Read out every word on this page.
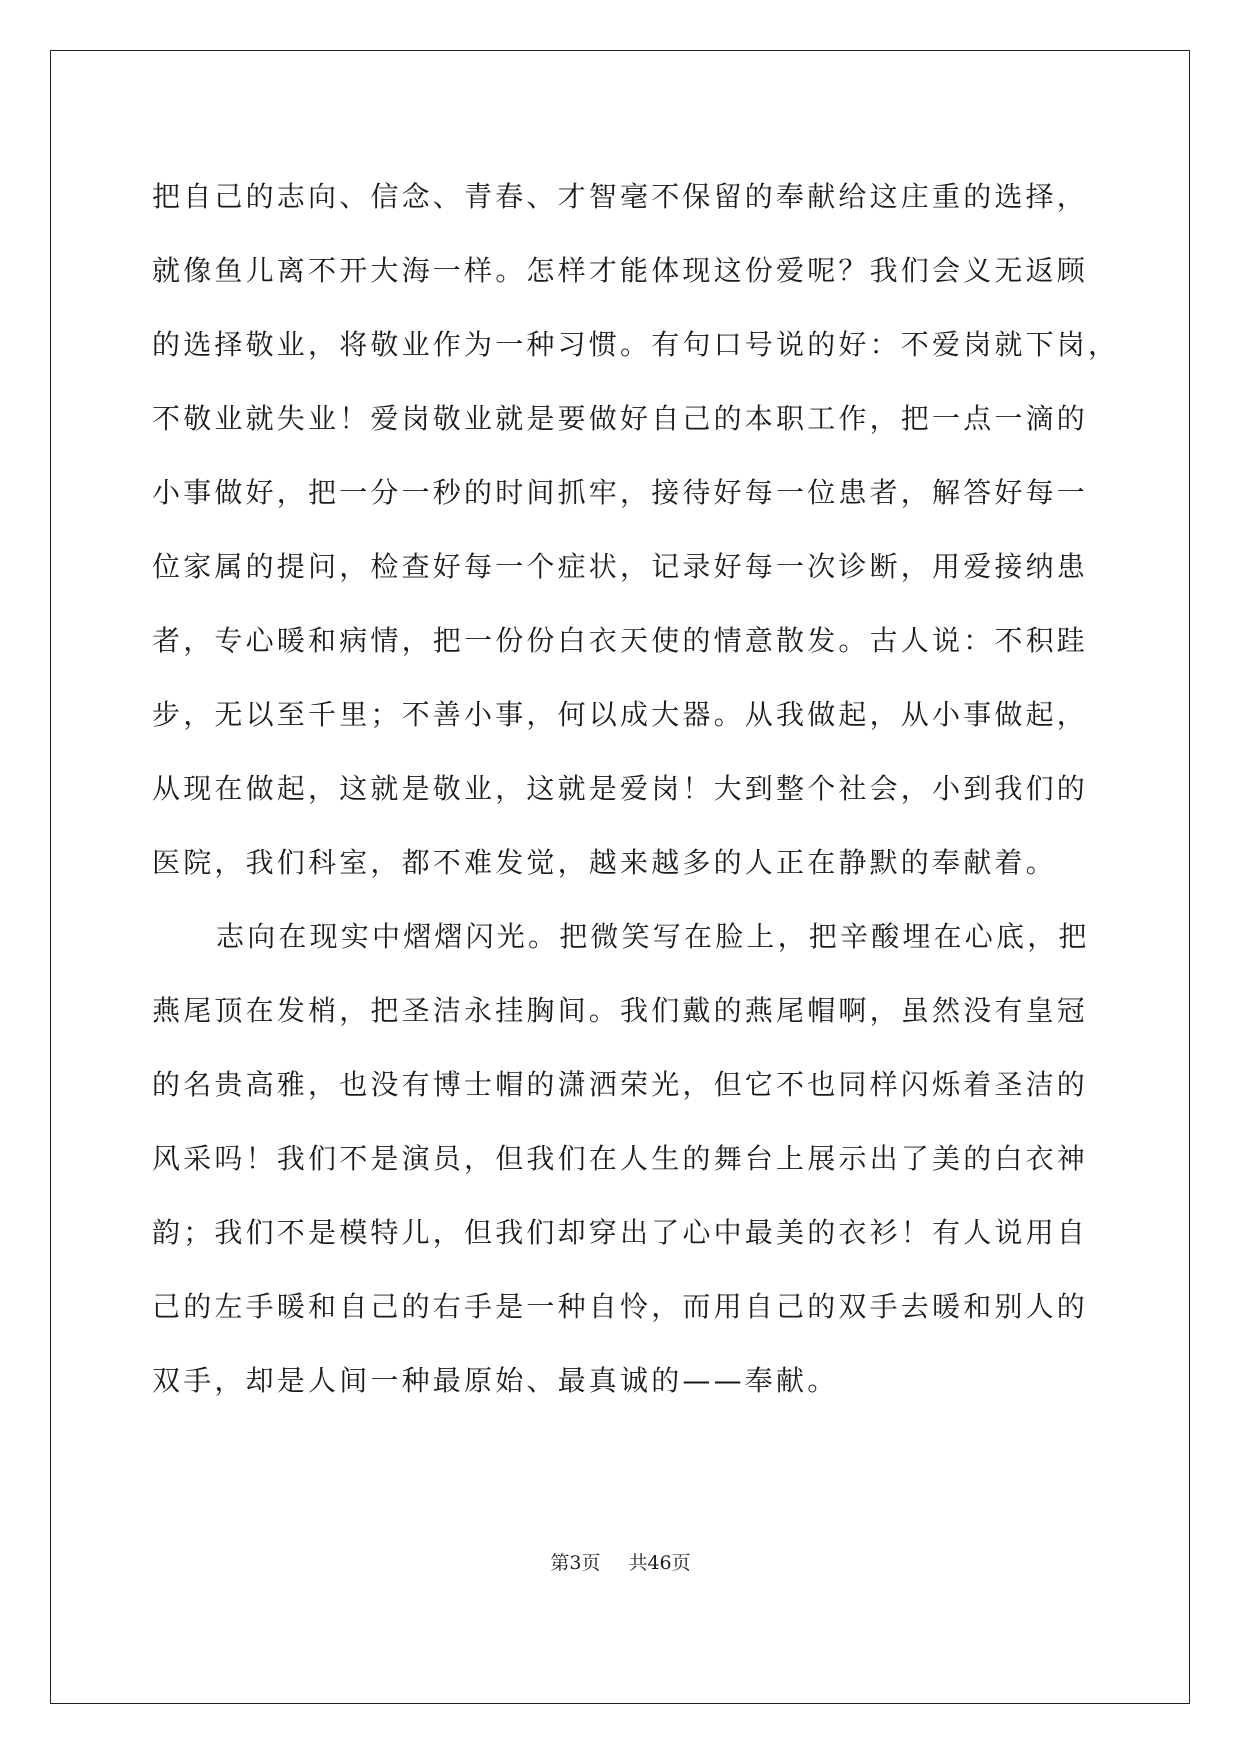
把自己的志向、信念、青春、才智毫不保留的奉献给这庄重的选择，
就像鱼儿离不开大海一样。怎样才能体现这份爱呢？我们会义无返顾
的选择敬业，将敬业作为一种习惯。有句口号说的好：不爱岗就下岗，
不敬业就失业！爱岗敬业就是要做好自己的本职工作，把一点一滴的
小事做好，把一分一秒的时间抓牢，接待好每一位患者，解答好每一
位家属的提问，检查好每一个症状，记录好每一次诊断，用爱接纳患
者，专心暖和病情，把一份份白衣天使的情意散发。古人说：不积跬
步，无以至千里；不善小事，何以成大器。从我做起，从小事做起，
从现在做起，这就是敬业，这就是爱岗！大到整个社会，小到我们的
医院，我们科室，都不难发觉，越来越多的人正在静默的奉献着。
志向在现实中熠熠闪光。把微笑写在脸上，把辛酸埋在心底，把
燕尾顶在发梢，把圣洁永挂胸间。我们戴的燕尾帽啊，虽然没有皇冠
的名贵高雅，也没有博士帽的潇洒荣光，但它不也同样闪烁着圣洁的
风采吗！我们不是演员，但我们在人生的舞台上展示出了美的白衣神
韵；我们不是模特儿，但我们却穿出了心中最美的衣衫！有人说用自
己的左手暖和自己的右手是一种自怜，而用自己的双手去暖和别人的
双手，却是人间一种最原始、最真诚的——奉献。
第3页 共46页
